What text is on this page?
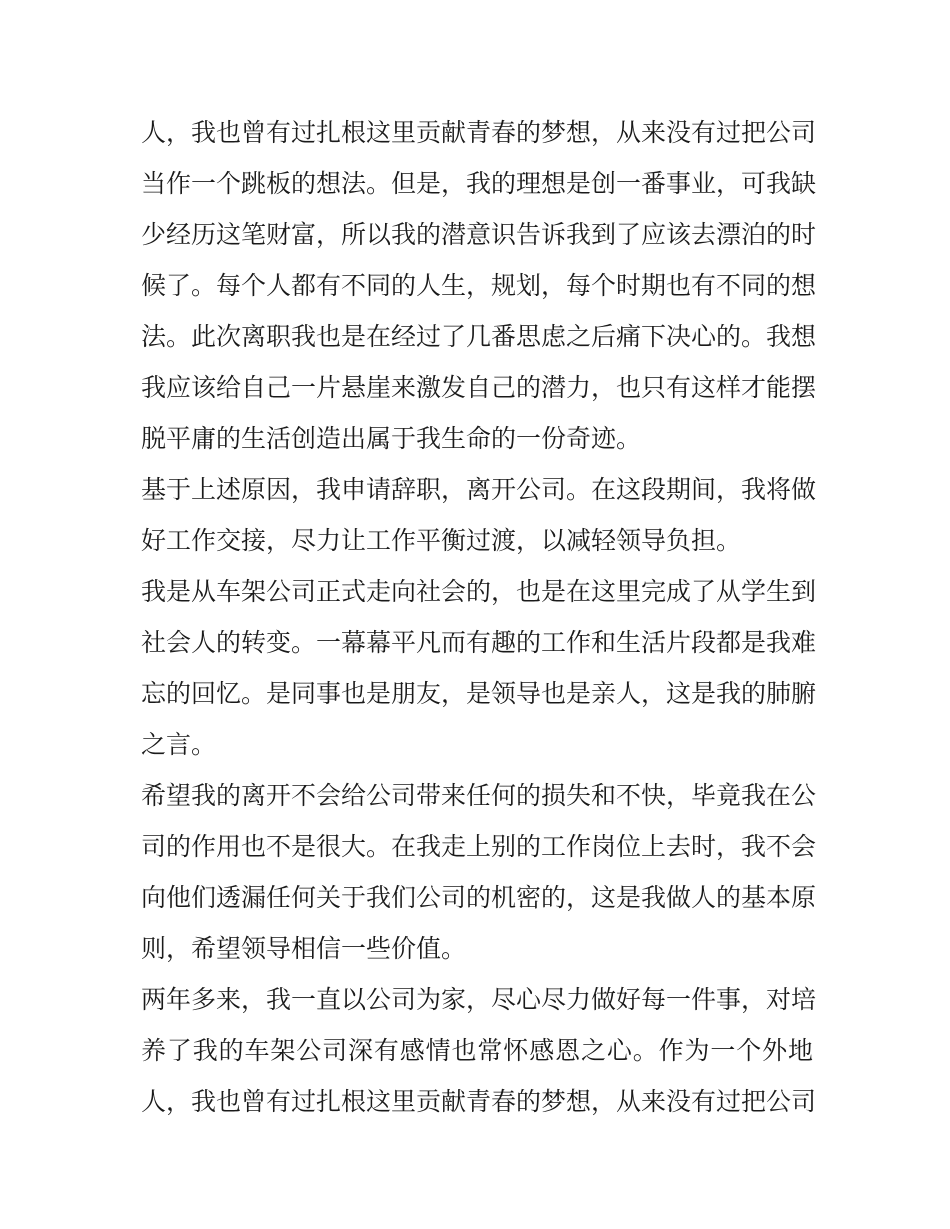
人，我也曾有过扎根这里贡献青春的梦想，从来没有过把公司
当作一个跳板的想法。但是，我的理想是创一番事业，可我缺
少经历这笔财富，所以我的潜意识告诉我到了应该去漂泊的时
候了。每个人都有不同的人生，规划，每个时期也有不同的想
法。此次离职我也是在经过了几番思虑之后痛下决心的。我想
我应该给自己一片悬崖来激发自己的潜力，也只有这样才能摆
脱平庸的生活创造出属于我生命的一份奇迹。
基于上述原因，我申请辞职，离开公司。在这段期间，我将做
好工作交接，尽力让工作平衡过渡，以减轻领导负担。
我是从车架公司正式走向社会的，也是在这里完成了从学生到
社会人的转变。一幕幕平凡而有趣的工作和生活片段都是我难
忘的回忆。是同事也是朋友，是领导也是亲人，这是我的肺腑
之言。
希望我的离开不会给公司带来任何的损失和不快，毕竟我在公
司的作用也不是很大。在我走上别的工作岗位上去时，我不会
向他们透漏任何关于我们公司的机密的，这是我做人的基本原
则，希望领导相信一些价值。
两年多来，我一直以公司为家，尽心尽力做好每一件事，对培
养了我的车架公司深有感情也常怀感恩之心。作为一个外地
人，我也曾有过扎根这里贡献青春的梦想，从来没有过把公司
